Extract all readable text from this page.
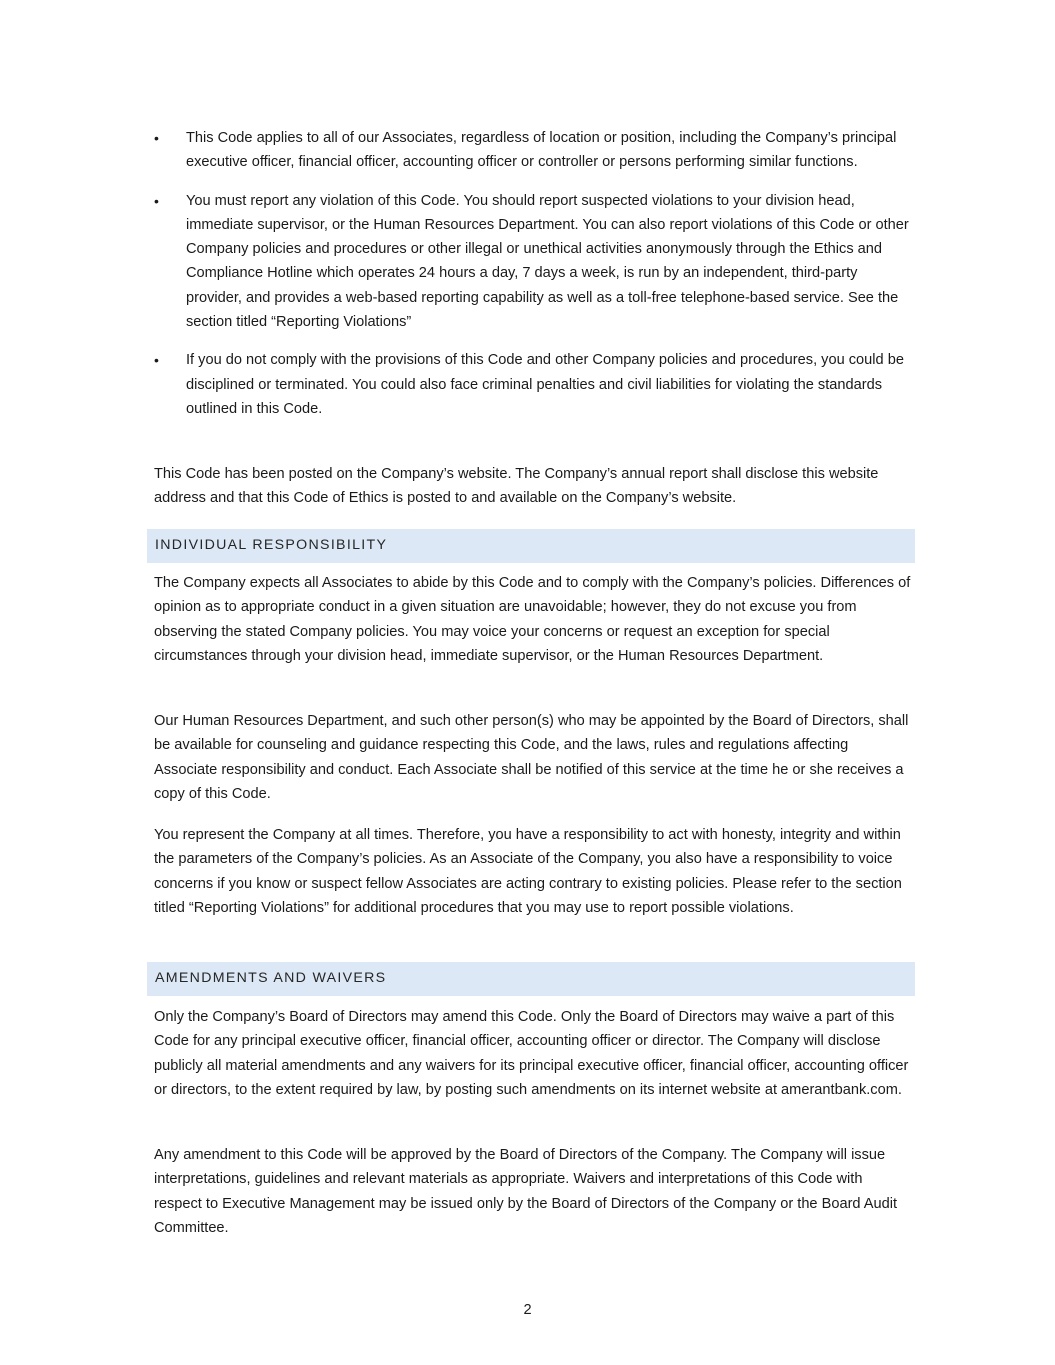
• This Code applies to all of our Associates, regardless of location or position, including the Company’s principal executive officer, financial officer, accounting officer or controller or persons performing similar functions.
• You must report any violation of this Code. You should report suspected violations to your division head, immediate supervisor, or the Human Resources Department. You can also report violations of this Code or other Company policies and procedures or other illegal or unethical activities anonymously through the Ethics and Compliance Hotline which operates 24 hours a day, 7 days a week, is run by an independent, third-party provider, and provides a web-based reporting capability as well as a toll-free telephone-based service. See the section titled “Reporting Violations”
• If you do not comply with the provisions of this Code and other Company policies and procedures, you could be disciplined or terminated. You could also face criminal penalties and civil liabilities for violating the standards outlined in this Code.

This Code has been posted on the Company’s website. The Company’s annual report shall disclose this website address and that this Code of Ethics is posted to and available on the Company’s website.

INDIVIDUAL RESPONSIBILITY

The Company expects all Associates to abide by this Code and to comply with the Company’s policies. Differences of opinion as to appropriate conduct in a given situation are unavoidable; however, they do not excuse you from observing the stated Company policies. You may voice your concerns or request an exception for special circumstances through your division head, immediate supervisor, or the Human Resources Department.

Our Human Resources Department, and such other person(s) who may be appointed by the Board of Directors, shall be available for counseling and guidance respecting this Code, and the laws, rules and regulations affecting Associate responsibility and conduct. Each Associate shall be notified of this service at the time he or she receives a copy of this Code.

You represent the Company at all times. Therefore, you have a responsibility to act with honesty, integrity and within the parameters of the Company’s policies. As an Associate of the Company, you also have a responsibility to voice concerns if you know or suspect fellow Associates are acting contrary to existing policies. Please refer to the section titled “Reporting Violations” for additional procedures that you may use to report possible violations.

AMENDMENTS AND WAIVERS

Only the Company’s Board of Directors may amend this Code. Only the Board of Directors may waive a part of this Code for any principal executive officer, financial officer, accounting officer or director. The Company will disclose publicly all material amendments and any waivers for its principal executive officer, financial officer, accounting officer or directors, to the extent required by law, by posting such amendments on its internet website at amerantbank.com.

Any amendment to this Code will be approved by the Board of Directors of the Company. The Company will issue interpretations, guidelines and relevant materials as appropriate. Waivers and interpretations of this Code with respect to Executive Management may be issued only by the Board of Directors of the Company or the Board Audit Committee.

2
